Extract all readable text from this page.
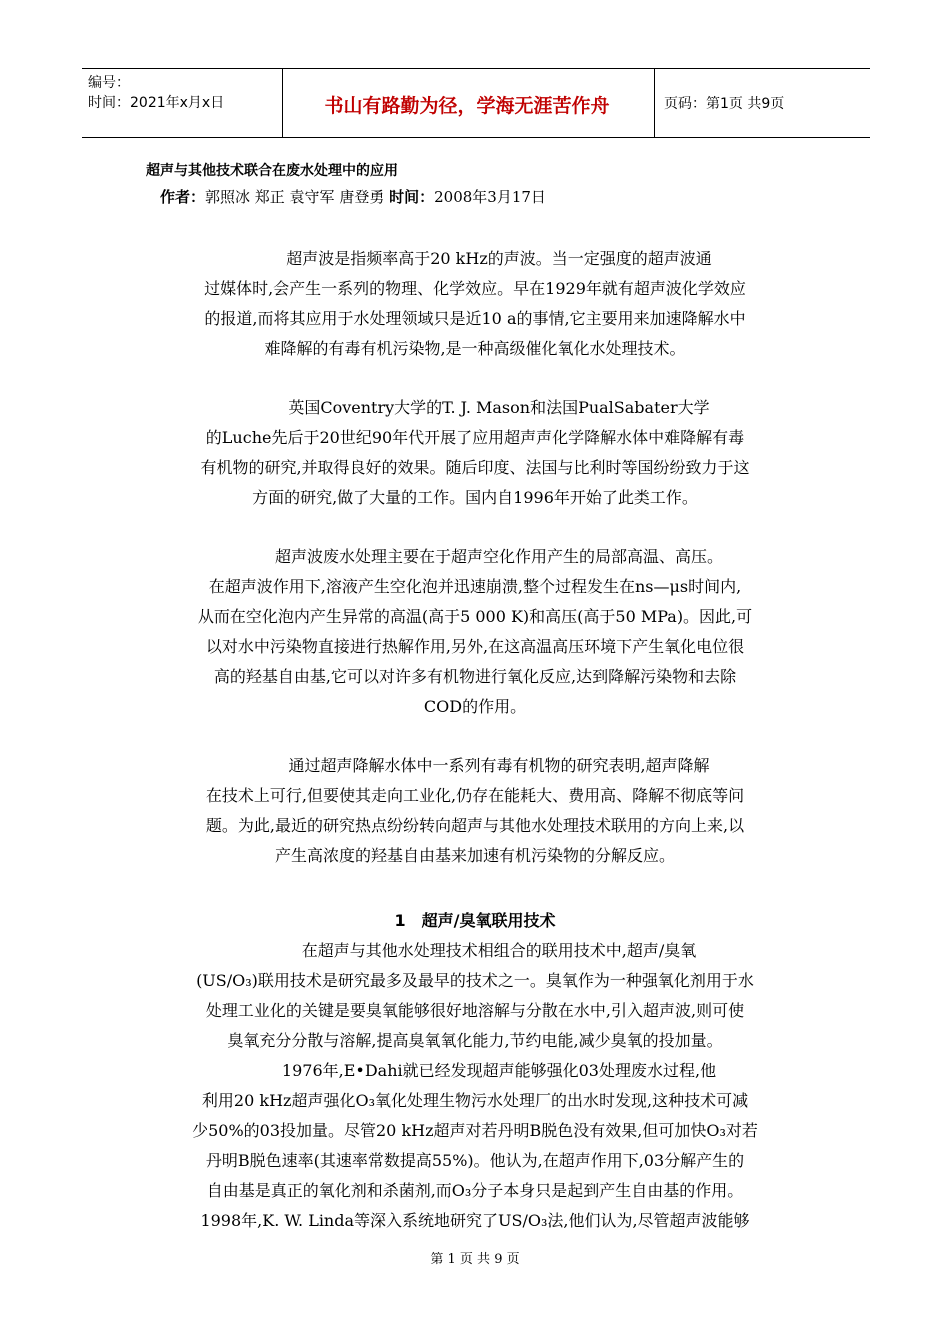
编号：
时间：2021年x月x日	书山有路勤为径，学海无涯苦作舟	页码：第1页 共9页
超声与其他技术联合在废水处理中的应用
作者：郭照冰 郑正 袁守军 唐登勇 时间：2008年3月17日
　　　超声波是指频率高于20 kHz的声波。当一定强度的超声波通
过媒体时,会产生一系列的物理、化学效应。早在1929年就有超声波化学效应
的报道,而将其应用于水处理领域只是近10 a的事情,它主要用来加速降解水中
难降解的有毒有机污染物,是一种高级催化氧化水处理技术。
　　　英国Coventry大学的T. J. Mason和法国PualSabater大学
的Luche先后于20世纪90年代开展了应用超声声化学降解水体中难降解有毒
有机物的研究,并取得良好的效果。随后印度、法国与比利时等国纷纷致力于这
方面的研究,做了大量的工作。国内自1996年开始了此类工作。
　　　超声波废水处理主要在于超声空化作用产生的局部高温、高压。
在超声波作用下,溶液产生空化泡并迅速崩溃,整个过程发生在ns—μs时间内,
从而在空化泡内产生异常的高温(高于5 000 K)和高压(高于50 MPa)。因此,可
以对水中污染物直接进行热解作用,另外,在这高温高压环境下产生氧化电位很
高的羟基自由基,它可以对许多有机物进行氧化反应,达到降解污染物和去除
COD的作用。
　　　通过超声降解水体中一系列有毒有机物的研究表明,超声降解
在技术上可行,但要使其走向工业化,仍存在能耗大、费用高、降解不彻底等问
题。为此,最近的研究热点纷纷转向超声与其他水处理技术联用的方向上来,以
产生高浓度的羟基自由基来加速有机污染物的分解反应。
1　超声/臭氧联用技术
　　　在超声与其他水处理技术相组合的联用技术中,超声/臭氧
(US/O₃)联用技术是研究最多及最早的技术之一。臭氧作为一种强氧化剂用于水
处理工业化的关键是要臭氧能够很好地溶解与分散在水中,引入超声波,则可使
臭氧充分分散与溶解,提高臭氧氧化能力,节约电能,减少臭氧的投加量。
　　　1976年,E•Dahi就已经发现超声能够强化03处理废水过程,他
利用20 kHz超声强化O₃氧化处理生物污水处理厂的出水时发现,这种技术可减
少50%的03投加量。尽管20 kHz超声对若丹明B脱色没有效果,但可加快O₃对若
丹明B脱色速率(其速率常数提高55%)。他认为,在超声作用下,03分解产生的
自由基是真正的氧化剂和杀菌剂,而O₃分子本身只是起到产生自由基的作用。
1998年,K. W. Linda等深入系统地研究了US/O₃法,他们认为,尽管超声波能够
第 1 页 共 9 页
